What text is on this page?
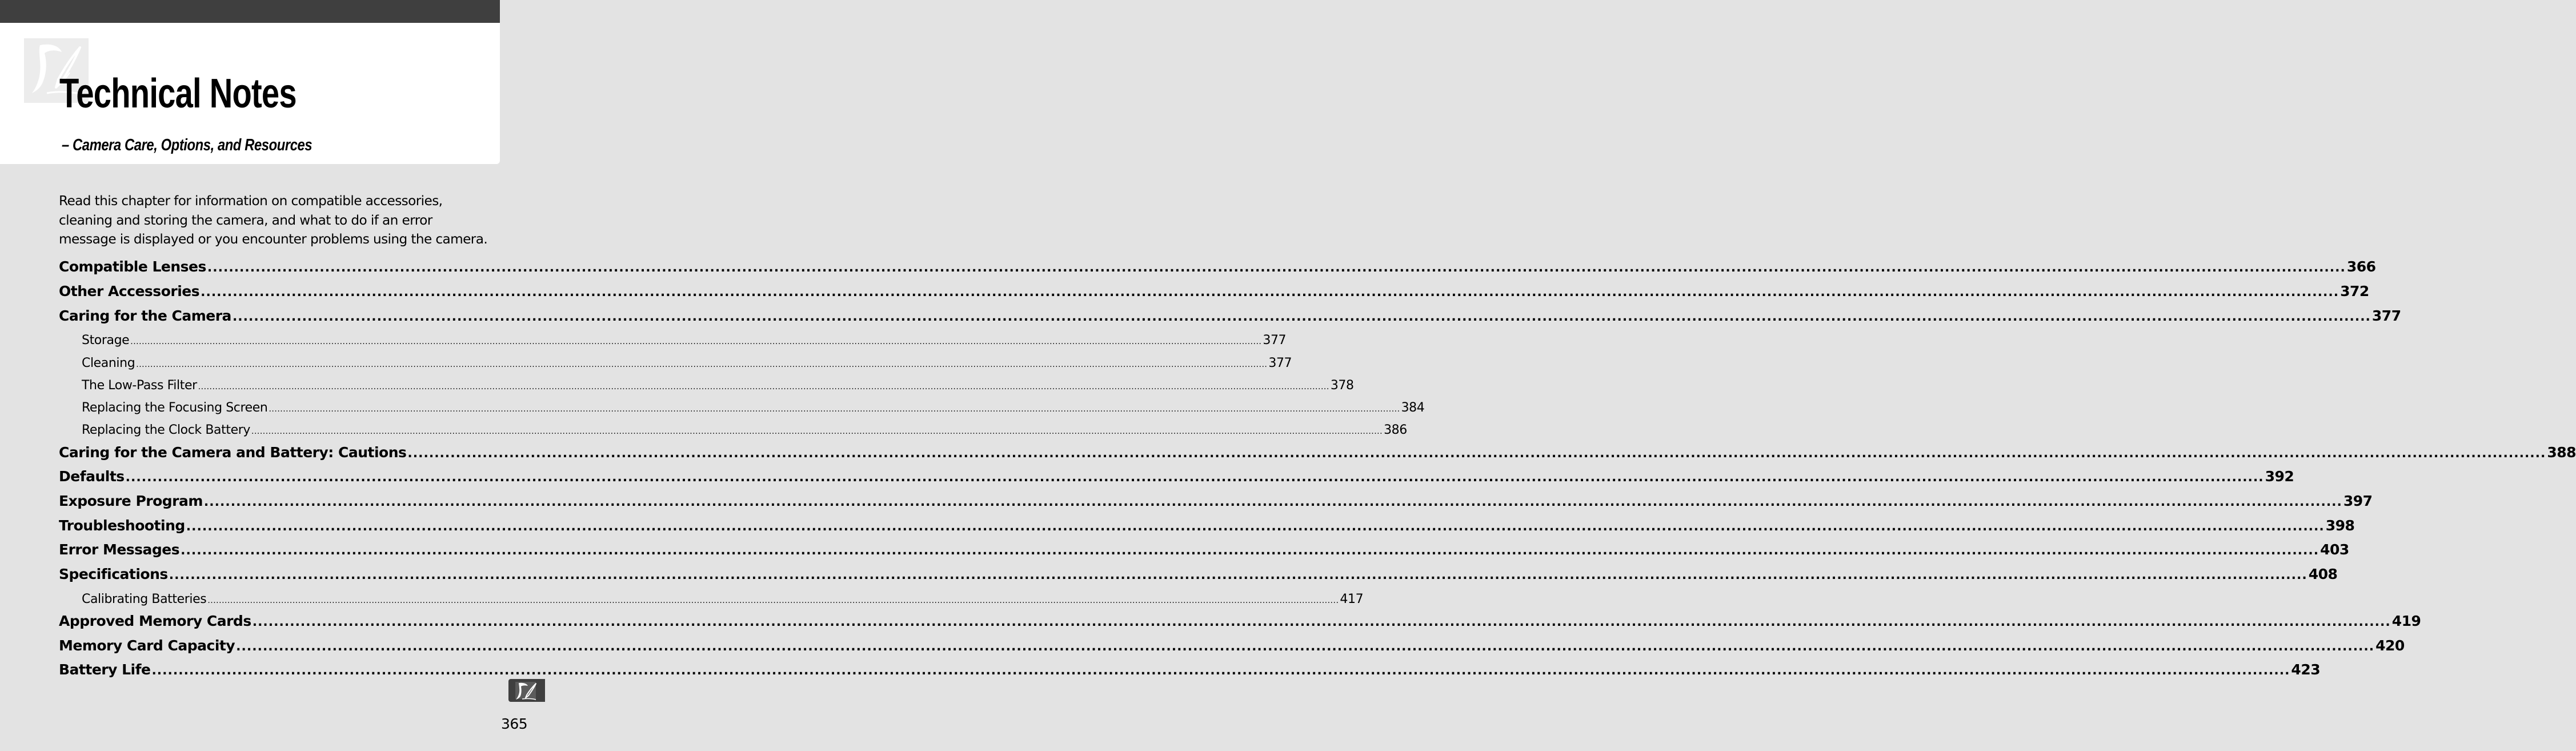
Technical Notes
– Camera Care, Options, and Resources
Read this chapter for information on compatible accessories,
cleaning and storing the camera, and what to do if an error
message is displayed or you encounter problems using the camera.
Compatible Lenses ................................................................................................................................................................................................................................................................................................................................................................................................................ 366
Other Accessories ................................................................................................................................................................................................................................................................................................................................................................................................................ 372
Caring for the Camera ................................................................................................................................................................................................................................................................................................................................................................................................................ 377
Storage ................................................................................................................................................................................................................................................................................................................................................................................................................ 377
Cleaning ................................................................................................................................................................................................................................................................................................................................................................................................................ 377
The Low-Pass Filter ................................................................................................................................................................................................................................................................................................................................................................................................................ 378
Replacing the Focusing Screen ................................................................................................................................................................................................................................................................................................................................................................................................................ 384
Replacing the Clock Battery ................................................................................................................................................................................................................................................................................................................................................................................................................ 386
Caring for the Camera and Battery: Cautions ................................................................................................................................................................................................................................................................................................................................................................................................................ 388
Defaults ................................................................................................................................................................................................................................................................................................................................................................................................................ 392
Exposure Program ................................................................................................................................................................................................................................................................................................................................................................................................................ 397
Troubleshooting ................................................................................................................................................................................................................................................................................................................................................................................................................ 398
Error Messages ................................................................................................................................................................................................................................................................................................................................................................................................................ 403
Specifications ................................................................................................................................................................................................................................................................................................................................................................................................................ 408
Calibrating Batteries ................................................................................................................................................................................................................................................................................................................................................................................................................ 417
Approved Memory Cards ................................................................................................................................................................................................................................................................................................................................................................................................................ 419
Memory Card Capacity ................................................................................................................................................................................................................................................................................................................................................................................................................ 420
Battery Life ................................................................................................................................................................................................................................................................................................................................................................................................................ 423
365
